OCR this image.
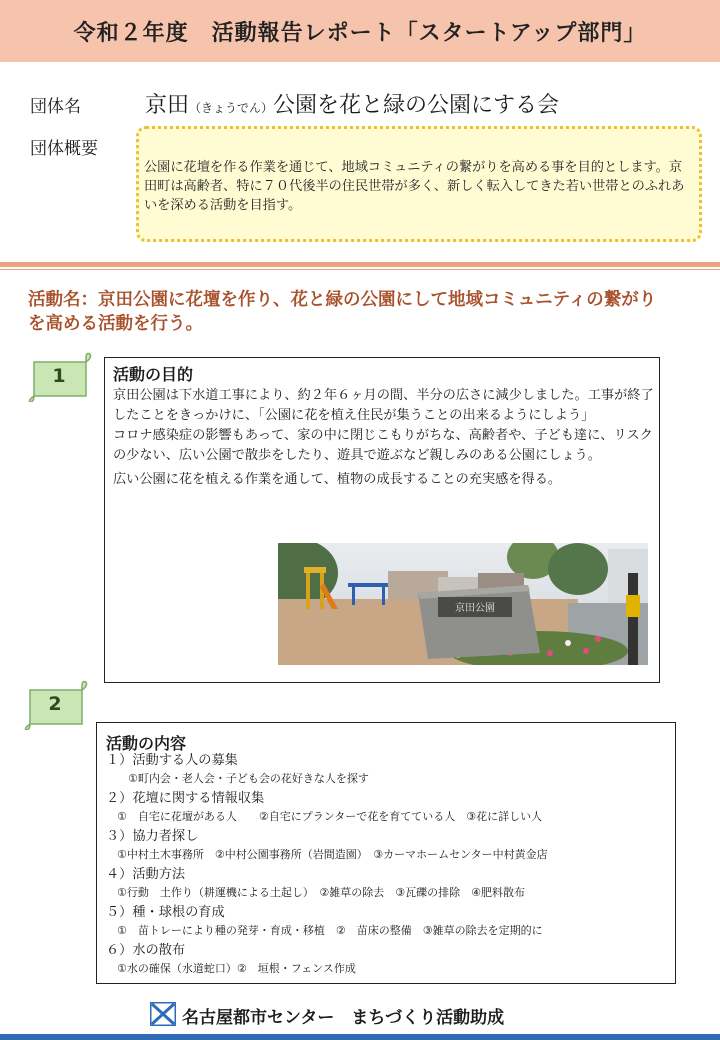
令和２年度　活動報告レポート「スタートアップ部門」
団体名	京田（きょうでん）公園を花と緑の公園にする会
団体概要
公園に花壇を作る作業を通じて、地域コミュニティの繋がりを高める事を目的とします。京田町は高齢者、特に７０代後半の住民世帯が多く、新しく転入してきた若い世帯とのふれあいを深める活動を目指す。
活動名：京田公園に花壇を作り、花と緑の公園にして地域コミュニティの繋がりを高める活動を行う。
1	活動の目的

京田公園は下水道工事により、約２年６ヶ月の間、半分の広さに減少しました。工事が終了したことをきっかけに、「公園に花を植え住民が集うことの出来るようにしよう」

コロナ感染症の影響もあって、家の中に閉じこもりがちな、高齢者や、子ども達に、リスクの少ない、広い公園で散歩をしたり、遊具で遊ぶなど親しみのある公園にしょう。

広い公園に花を植える作業を通して、植物の成長することの充実感を得る。

京田公園
2
活動の内容
１）活動する人の募集
　　①町内会・老人会・子ども会の花好きな人を探す
２）花壇に関する情報収集
　①　自宅に花壇がある人　　②自宅にプランターで花を育てている人　③花に詳しい人
３）協力者探し
　①中村土木事務所　②中村公園事務所（岩間造園）　③カーマホームセンター中村黄金店
４）活動方法
　①行動　土作り（耕運機による土起し）　②雑草の除去　③瓦礫の排除　④肥料散布
５）種・球根の育成
　①　苗トレーにより種の発芽・育成・移植　②　苗床の整備　③雑草の除去を定期的に
６）水の散布
　①水の確保（水道蛇口）②　垣根・フェンス作成
名古屋都市センター　まちづくり活動助成
